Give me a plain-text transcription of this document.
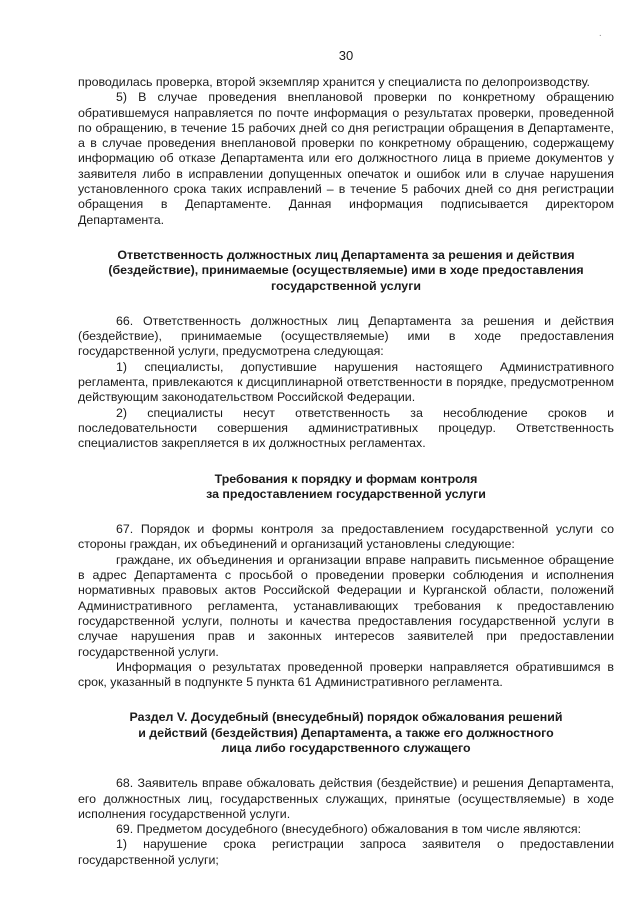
·
30

проводилась проверка, второй экземпляр хранится у специалиста по делопроизводству.

5) В случае проведения внеплановой проверки по конкретному обращению обратившемуся направляется по почте информация о результатах проверки, проведенной по обращению, в течение 15 рабочих дней со дня регистрации обращения в Департаменте, а в случае проведения внеплановой проверки по конкретному обращению, содержащему информацию об отказе Департамента или его должностного лица в приеме документов у заявителя либо в исправлении допущенных опечаток и ошибок или в случае нарушения установленного срока таких исправлений – в течение 5 рабочих дней со дня регистрации обращения в Департаменте. Данная информация подписывается директором Департамента.

Ответственность должностных лиц Департамента за решения и действия (бездействие), принимаемые (осуществляемые) ими в ходе предоставления государственной услуги

66. Ответственность должностных лиц Департамента за решения и действия (бездействие), принимаемые (осуществляемые) ими в ходе предоставления государственной услуги, предусмотрена следующая:

1) специалисты, допустившие нарушения настоящего Административного регламента, привлекаются к дисциплинарной ответственности в порядке, предусмотренном действующим законодательством Российской Федерации.

2) специалисты несут ответственность за несоблюдение сроков и последовательности совершения административных процедур. Ответственность специалистов закрепляется в их должностных регламентах.

Требования к порядку и формам контроля
за предоставлением государственной услуги

67. Порядок и формы контроля за предоставлением государственной услуги со стороны граждан, их объединений и организаций установлены следующие:

граждане, их объединения и организации вправе направить письменное обращение в адрес Департамента с просьбой о проведении проверки соблюдения и исполнения нормативных правовых актов Российской Федерации и Курганской области, положений Административного регламента, устанавливающих требования к предоставлению государственной услуги, полноты и качества предоставления государственной услуги в случае нарушения прав и законных интересов заявителей при предоставлении государственной услуги.

Информация о результатах проведенной проверки направляется обратившимся в срок, указанный в подпункте 5 пункта 61 Административного регламента.

Раздел V. Досудебный (внесудебный) порядок обжалования решений
и действий (бездействия) Департамента, а также его должностного
лица либо государственного служащего

68. Заявитель вправе обжаловать действия (бездействие) и решения Департамента, его должностных лиц, государственных служащих, принятые (осуществляемые) в ходе исполнения государственной услуги.

69. Предметом досудебного (внесудебного) обжалования в том числе являются:

1) нарушение срока регистрации запроса заявителя о предоставлении государственной услуги;
